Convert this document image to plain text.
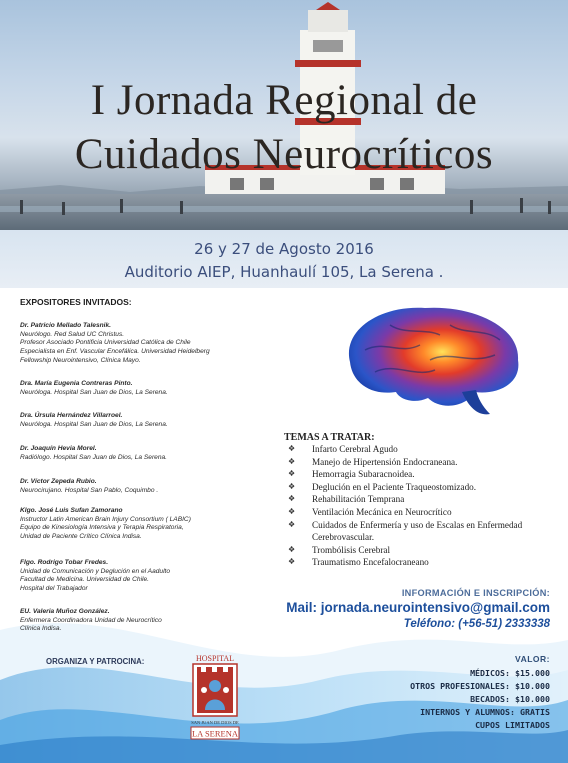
I Jornada Regional de
Cuidados Neurocríticos
26 y 27 de Agosto 2016
Auditorio AIEP, Huanhaulí 105, La Serena .
EXPOSITORES INVITADOS:
Dr. Patricio Mellado Talesnik.
Neurólogo. Red Salud UC Christus.
Profesor Asociado Pontificia Universidad Católica de Chile
Especialista en Enf. Vascular Encefálica. Universidad Heidelberg
Fellowship Neurointensivo, Clínica Mayo.
Dra. María Eugenia Contreras Pinto.
Neuróloga. Hospital San Juan de Dios, La Serena.
Dra. Úrsula Hernández Villarroel.
Neuróloga. Hospital San Juan de Dios, La Serena.
Dr. Joaquín Hevia Morel.
Radiólogo. Hospital San Juan de Dios, La Serena.
Dr. Víctor Zepeda Rubio.
Neurocirujano. Hospital San Pablo, Coquimbo .
Klgo. José Luis Sufan Zamorano
Instructor Latin American Brain Injury Consortium ( LABIC)
Equipo de Kinesiología Intensiva y Terapia Respiratoria,
Unidad de Paciente Crítico Clínica Indisa.
Flgo. Rodrigo Tobar Fredes.
Unidad de Comunicación y Deglución en el Aadulto
Facultad de Medicina. Universidad de Chile.
Hospital del Trabajador
EU. Valeria Muñoz González.
Enfermera Coordinadora Unidad de Neurocrítico
Clínica Indisa.
TEMAS A TRATAR:
❖ Infarto Cerebral Agudo
❖ Manejo de Hipertensión Endocraneana.
❖ Hemorragia Subaracnoidea.
❖ Deglución en el Paciente Traqueostomizado.
❖ Rehabilitación Temprana
❖ Ventilación Mecánica en Neurocrítico
❖ Cuidados de Enfermería y uso de Escalas en Enfermedad Cerebrovascular.
❖ Trombólisis Cerebral
❖ Traumatismo Encefalocraneano
INFORMACIÓN E INSCRIPCIÓN:
Mail: jornada.neurointensivo@gmail.com
Teléfono: (+56-51) 2333338
VALOR:
MÉDICOS: $15.000
OTROS PROFESIONALES: $10.000
BECADOS: $10.000
INTERNOS Y ALUMNOS: GRATIS
CUPOS LIMITADOS
ORGANIZA Y PATROCINA:	HOSPITAL
SAN JUAN DE DIOS DE
LA SERENA
